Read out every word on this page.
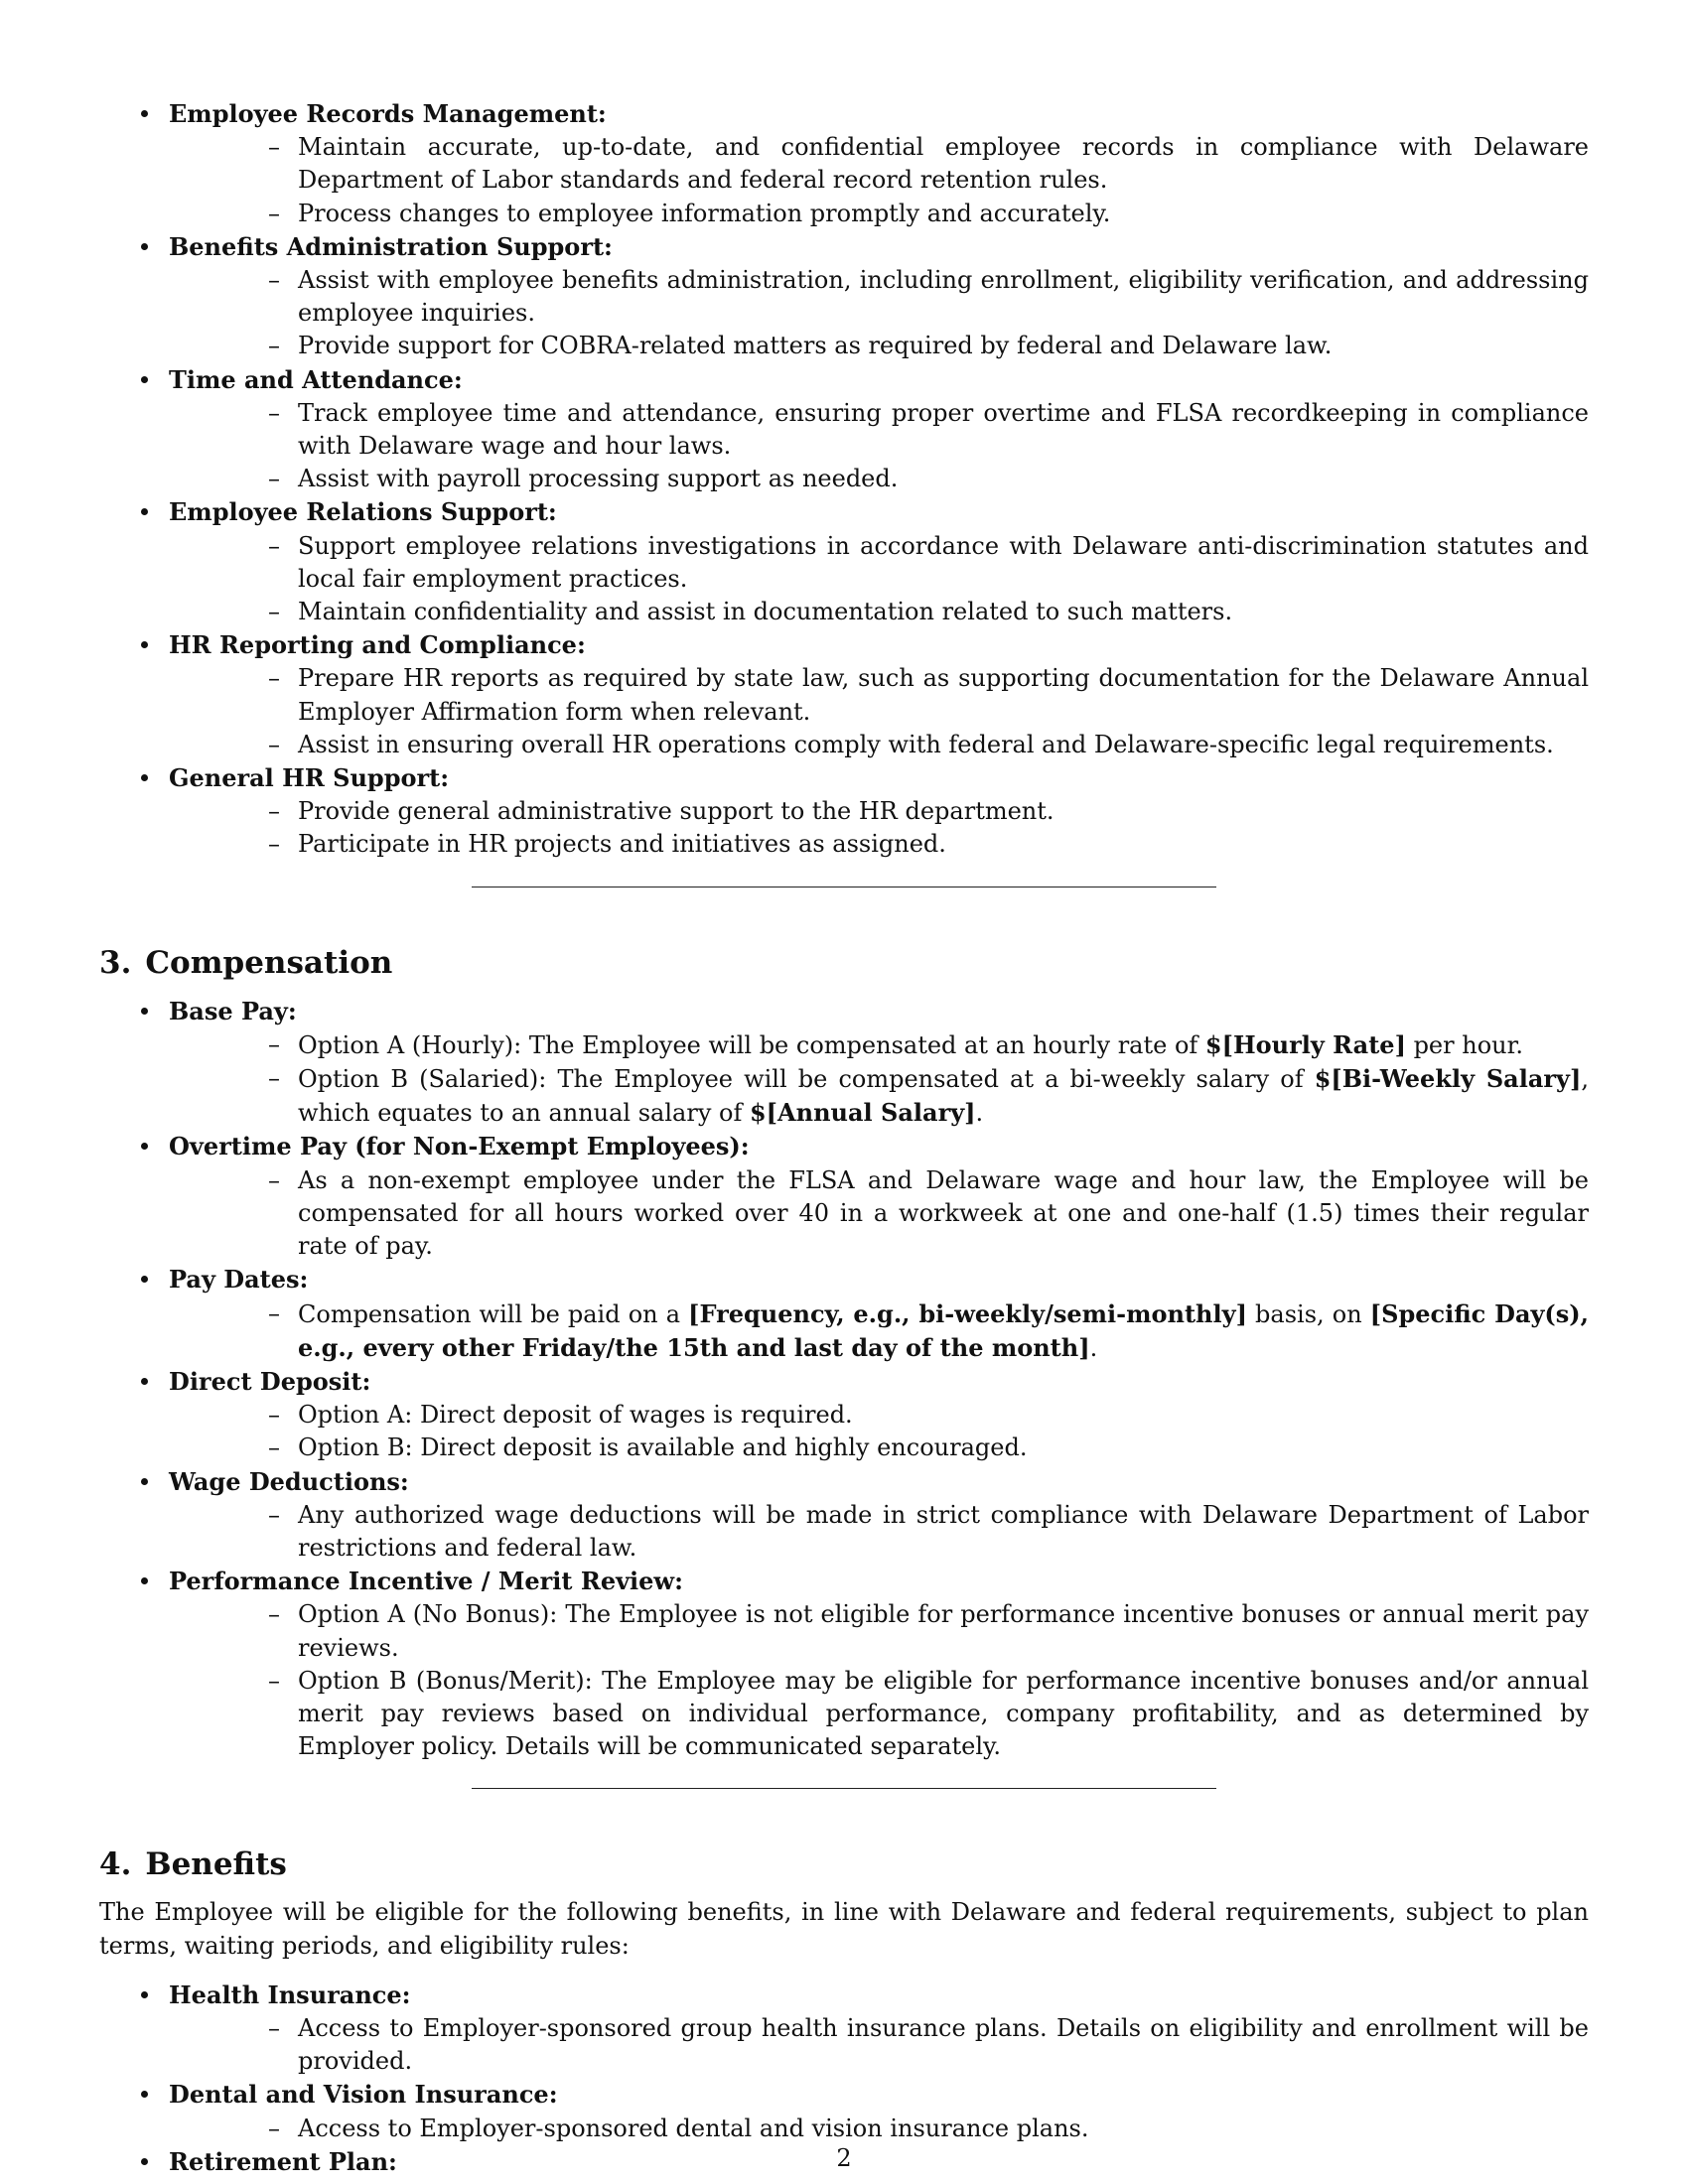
Employee Records Management:
– Maintain accurate, up-to-date, and confidential employee records in compliance with Delaware Department of Labor standards and federal record retention rules.
– Process changes to employee information promptly and accurately.
Benefits Administration Support:
– Assist with employee benefits administration, including enrollment, eligibility verification, and addressing employee inquiries.
– Provide support for COBRA-related matters as required by federal and Delaware law.
Time and Attendance:
– Track employee time and attendance, ensuring proper overtime and FLSA recordkeeping in compliance with Delaware wage and hour laws.
– Assist with payroll processing support as needed.
Employee Relations Support:
– Support employee relations investigations in accordance with Delaware anti-discrimination statutes and local fair employment practices.
– Maintain confidentiality and assist in documentation related to such matters.
HR Reporting and Compliance:
– Prepare HR reports as required by state law, such as supporting documentation for the Delaware Annual Employer Affirmation form when relevant.
– Assist in ensuring overall HR operations comply with federal and Delaware-specific legal requirements.
General HR Support:
– Provide general administrative support to the HR department.
– Participate in HR projects and initiatives as assigned.
3. Compensation
Base Pay:
– Option A (Hourly): The Employee will be compensated at an hourly rate of $[Hourly Rate] per hour.
– Option B (Salaried): The Employee will be compensated at a bi-weekly salary of $[Bi-Weekly Salary], which equates to an annual salary of $[Annual Salary].
Overtime Pay (for Non-Exempt Employees):
– As a non-exempt employee under the FLSA and Delaware wage and hour law, the Employee will be compensated for all hours worked over 40 in a workweek at one and one-half (1.5) times their regular rate of pay.
Pay Dates:
– Compensation will be paid on a [Frequency, e.g., bi-weekly/semi-monthly] basis, on [Specific Day(s), e.g., every other Friday/the 15th and last day of the month].
Direct Deposit:
– Option A: Direct deposit of wages is required.
– Option B: Direct deposit is available and highly encouraged.
Wage Deductions:
– Any authorized wage deductions will be made in strict compliance with Delaware Department of Labor restrictions and federal law.
Performance Incentive / Merit Review:
– Option A (No Bonus): The Employee is not eligible for performance incentive bonuses or annual merit pay reviews.
– Option B (Bonus/Merit): The Employee may be eligible for performance incentive bonuses and/or annual merit pay reviews based on individual performance, company profitability, and as determined by Employer policy. Details will be communicated separately.
4. Benefits

The Employee will be eligible for the following benefits, in line with Delaware and federal requirements, subject to plan terms, waiting periods, and eligibility rules:

Health Insurance:
– Access to Employer-sponsored group health insurance plans. Details on eligibility and enrollment will be provided.
Dental and Vision Insurance:
– Access to Employer-sponsored dental and vision insurance plans.
Retirement Plan:	2
